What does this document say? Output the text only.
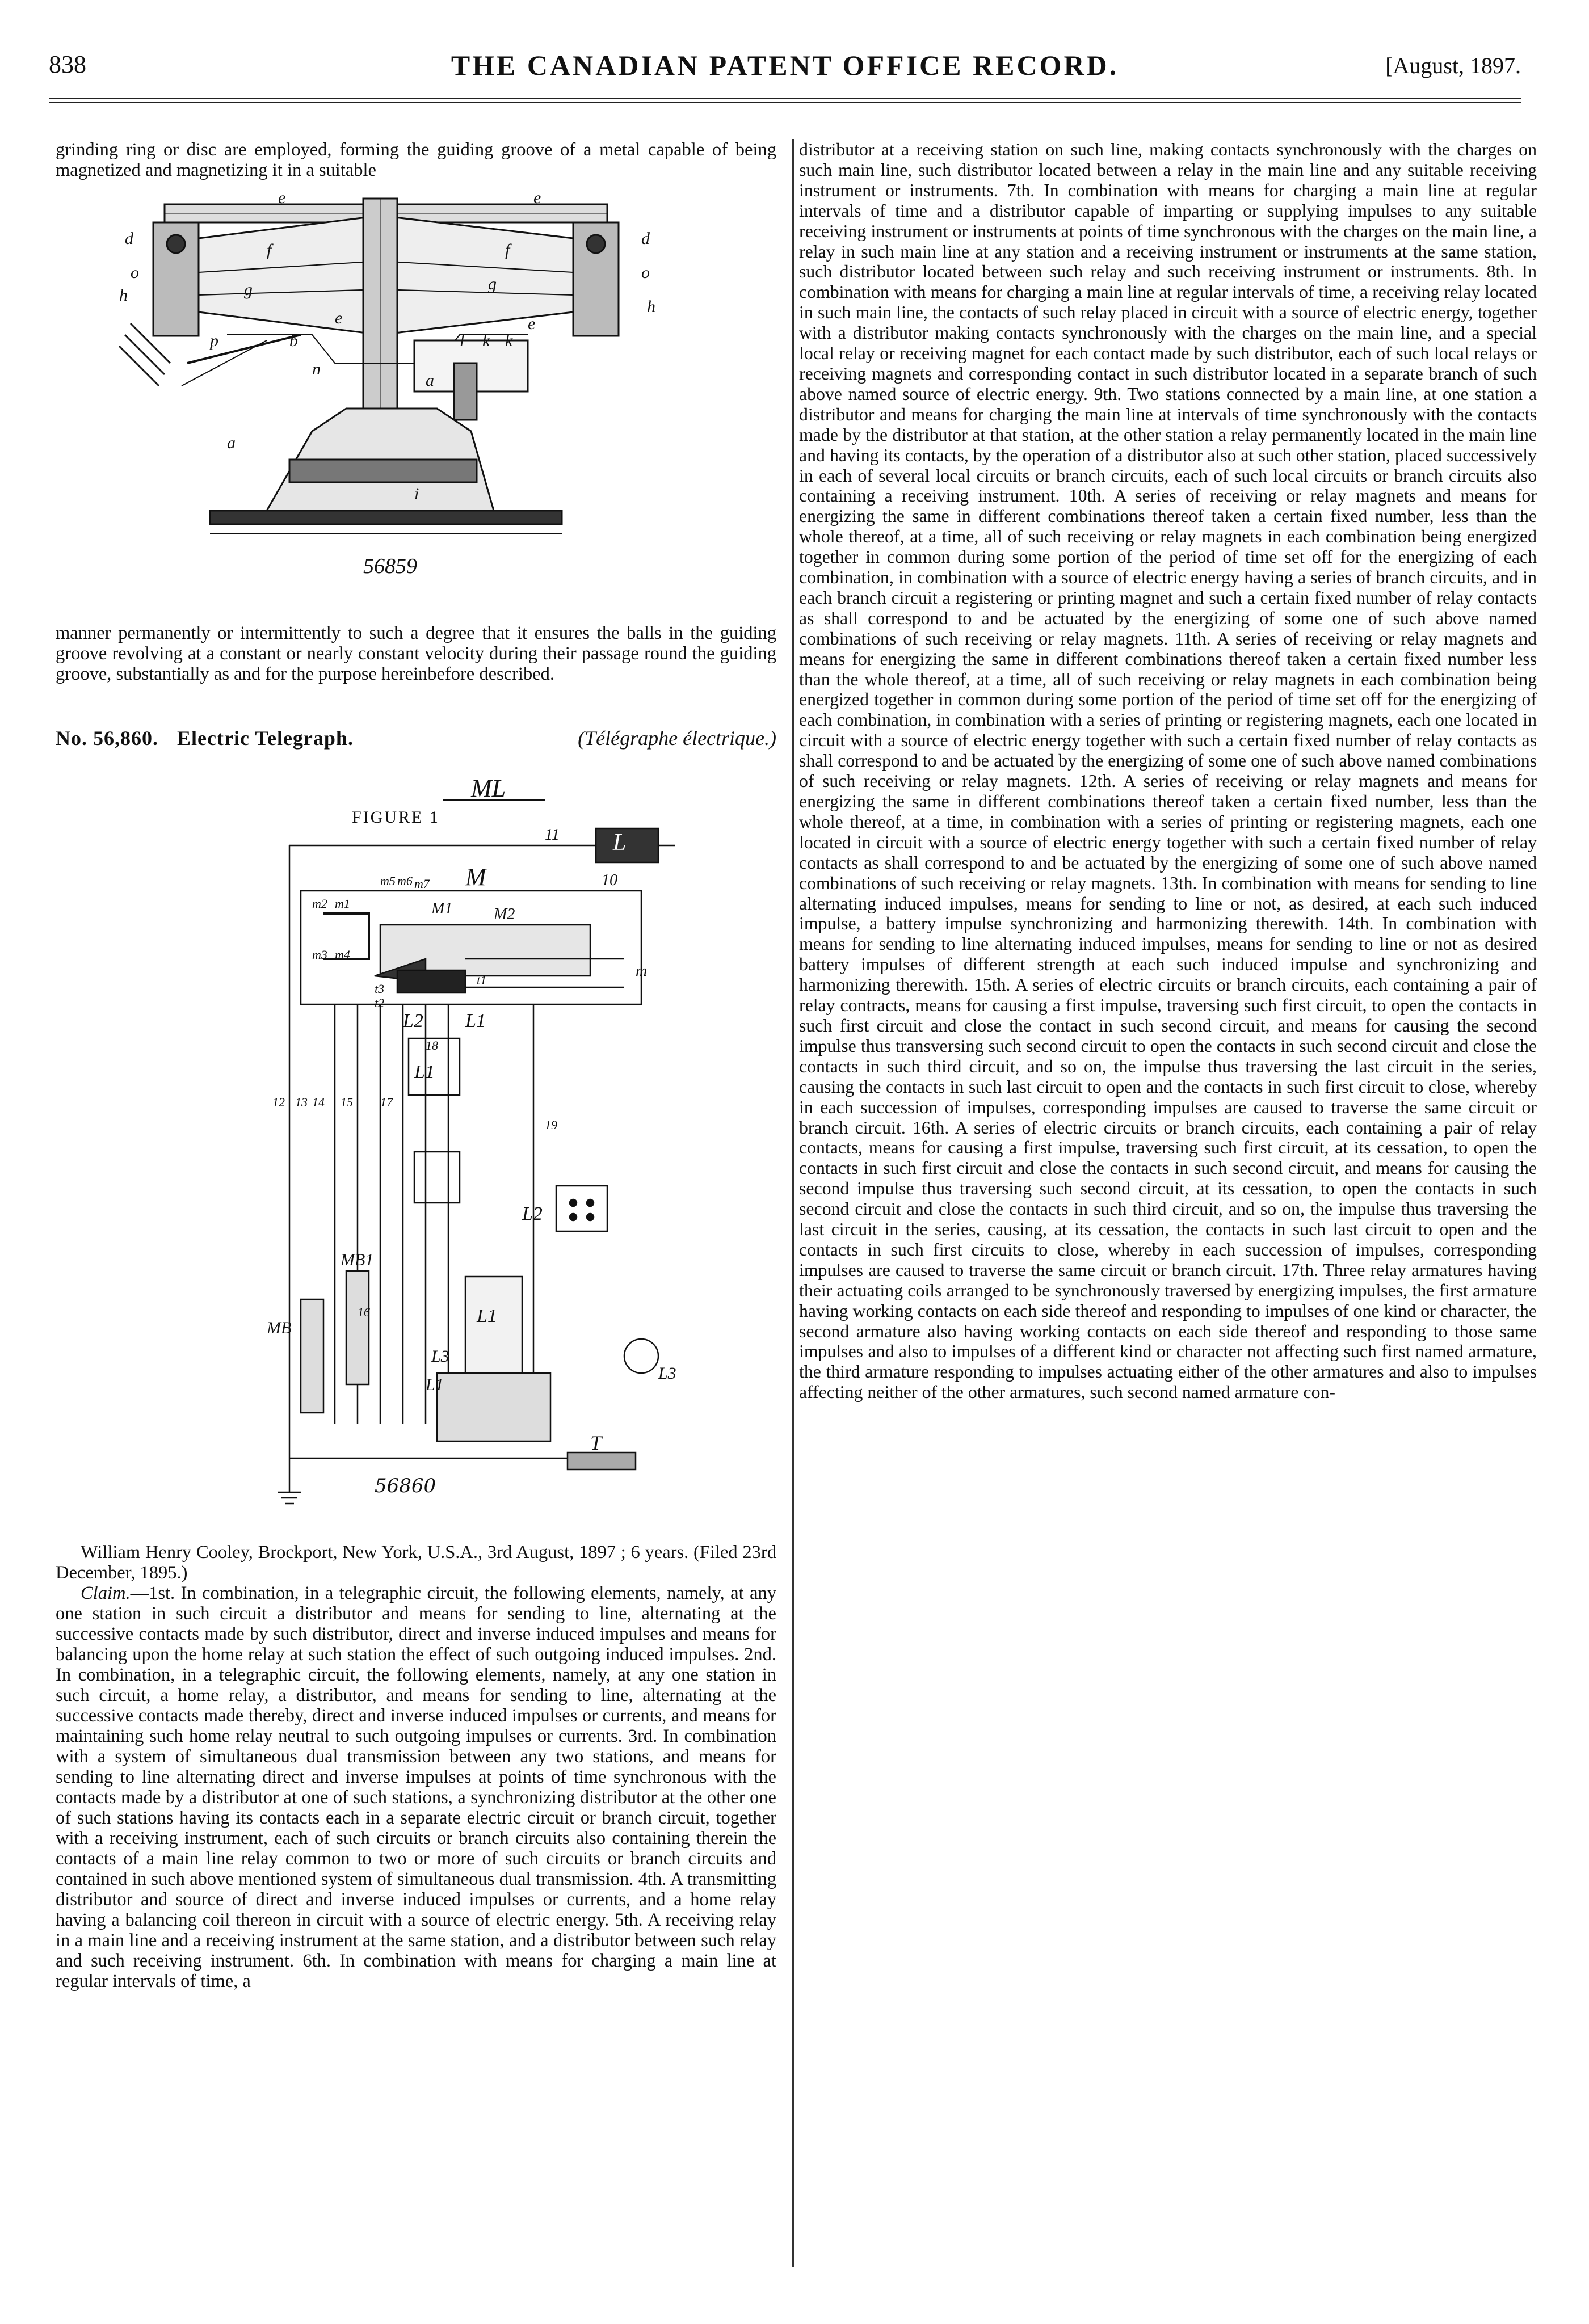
838	THE CANADIAN PATENT OFFICE RECORD.	[August, 1897.

grinding ring or disc are employed, forming the guiding groove of a metal capable of being magnetized and magnetizing it in a suitable

e	e
d	d
o	o
h
h
f	f
g	g
b
n
e	e
l k k
p
a
a
i
56859

manner permanently or intermittently to such a degree that it ensures the balls in the guiding groove revolving at a constant or nearly constant velocity during their passage round the guiding groove, substantially as and for the purpose hereinbefore described.

No. 56,860. Electric Telegraph.	(Télégraphe électrique.)
ML
FIGURE 1
L
11
10
M
M1	M2
m5 m6 m7
m2 m1
m3 m4
m
t3
t2
t1
L2 L1
L1
L2
L1
L3
L1
L3
MB
MB1
12 13 14 15
16
17
18
19
T
56860

William Henry Cooley, Brockport, New York, U.S.A., 3rd August, 1897 ; 6 years. (Filed 23rd December, 1895.)

Claim.—1st. In combination, in a telegraphic circuit, the following elements, namely, at any one station in such circuit a distributor and means for sending to line, alternating at the successive contacts made by such distributor, direct and inverse induced impulses and means for balancing upon the home relay at such station the effect of such outgoing induced impulses. 2nd. In combination, in a telegraphic circuit, the following elements, namely, at any one station in such circuit, a home relay, a distributor, and means for sending to line, alternating at the successive contacts made thereby, direct and inverse induced impulses or currents, and means for maintaining such home relay neutral to such outgoing impulses or currents. 3rd. In combination with a system of simultaneous dual transmission between any two stations, and means for sending to line alternating direct and inverse impulses at points of time synchronous with the contacts made by a distributor at one of such stations, a synchronizing distributor at the other one of such stations having its contacts each in a separate electric circuit or branch circuit, together with a receiving instrument, each of such circuits or branch circuits also containing therein the contacts of a main line relay common to two or more of such circuits or branch circuits and contained in such above mentioned system of simultaneous dual transmission. 4th. A transmitting distributor and source of direct and inverse induced impulses or currents, and a home relay having a balancing coil thereon in circuit with a source of electric energy. 5th. A receiving relay in a main line and a receiving instrument at the same station, and a distributor between such relay and such receiving instrument. 6th. In combination with means for charging a main line at regular intervals of time, a

distributor at a receiving station on such line, making contacts synchronously with the charges on such main line, such distributor located between a relay in the main line and any suitable receiving instrument or instruments. 7th. In combination with means for charging a main line at regular intervals of time and a distributor capable of imparting or supplying impulses to any suitable receiving instrument or instruments at points of time synchronous with the charges on the main line, a relay in such main line at any station and a receiving instrument or instruments at the same station, such distributor located between such relay and such receiving instrument or instruments. 8th. In combination with means for charging a main line at regular intervals of time, a receiving relay located in such main line, the contacts of such relay placed in circuit with a source of electric energy, together with a distributor making contacts synchronously with the charges on the main line, and a special local relay or receiving magnet for each contact made by such distributor, each of such local relays or receiving magnets and corresponding contact in such distributor located in a separate branch of such above named source of electric energy. 9th. Two stations connected by a main line, at one station a distributor and means for charging the main line at intervals of time synchronously with the contacts made by the distributor at that station, at the other station a relay permanently located in the main line and having its contacts, by the operation of a distributor also at such other station, placed successively in each of several local circuits or branch circuits, each of such local circuits or branch circuits also containing a receiving instrument. 10th. A series of receiving or relay magnets and means for energizing the same in different combinations thereof taken a certain fixed number, less than the whole thereof, at a time, all of such receiving or relay magnets in each combination being energized together in common during some portion of the period of time set off for the energizing of each combination, in combination with a source of electric energy having a series of branch circuits, and in each branch circuit a registering or printing magnet and such a certain fixed number of relay contacts as shall correspond to and be actuated by the energizing of some one of such above named combinations of such receiving or relay magnets. 11th. A series of receiving or relay magnets and means for energizing the same in different combinations thereof taken a certain fixed number less than the whole thereof, at a time, all of such receiving or relay magnets in each combination being energized together in common during some portion of the period of time set off for the energizing of each combination, in combination with a series of printing or registering magnets, each one located in circuit with a source of electric energy together with such a certain fixed number of relay contacts as shall correspond to and be actuated by the energizing of some one of such above named combinations of such receiving or relay magnets. 12th. A series of receiving or relay magnets and means for energizing the same in different combinations thereof taken a certain fixed number, less than the whole thereof, at a time, in combination with a series of printing or registering magnets, each one located in circuit with a source of electric energy together with such a certain fixed number of relay contacts as shall correspond to and be actuated by the energizing of some one of such above named combinations of such receiving or relay magnets. 13th. In combination with means for sending to line alternating induced impulses, means for sending to line or not, as desired, at each such induced impulse, a battery impulse synchronizing and harmonizing therewith. 14th. In combination with means for sending to line alternating induced impulses, means for sending to line or not as desired battery impulses of different strength at each such induced impulse and synchronizing and harmonizing therewith. 15th. A series of electric circuits or branch circuits, each containing a pair of relay contracts, means for causing a first impulse, traversing such first circuit, to open the contacts in such first circuit and close the contact in such second circuit, and means for causing the second impulse thus transversing such second circuit to open the contacts in such second circuit and close the contacts in such third circuit, and so on, the impulse thus traversing the last circuit in the series, causing the contacts in such last circuit to open and the contacts in such first circuit to close, whereby in each succession of impulses, corresponding impulses are caused to traverse the same circuit or branch circuit. 16th. A series of electric circuits or branch circuits, each containing a pair of relay contacts, means for causing a first impulse, traversing such first circuit, at its cessation, to open the contacts in such first circuit and close the contacts in such second circuit, and means for causing the second impulse thus traversing such second circuit, at its cessation, to open the contacts in such second circuit and close the contacts in such third circuit, and so on, the impulse thus traversing the last circuit in the series, causing, at its cessation, the contacts in such last circuit to open and the contacts in such first circuits to close, whereby in each succession of impulses, corresponding impulses are caused to traverse the same circuit or branch circuit. 17th. Three relay armatures having their actuating coils arranged to be synchronously traversed by energizing impulses, the first armature having working contacts on each side thereof and responding to impulses of one kind or character, the second armature also having working contacts on each side thereof and responding to those same impulses and also to impulses of a different kind or character not affecting such first named armature, the third armature responding to impulses actuating either of the other armatures and also to impulses affecting neither of the other armatures, such second named armature con-
